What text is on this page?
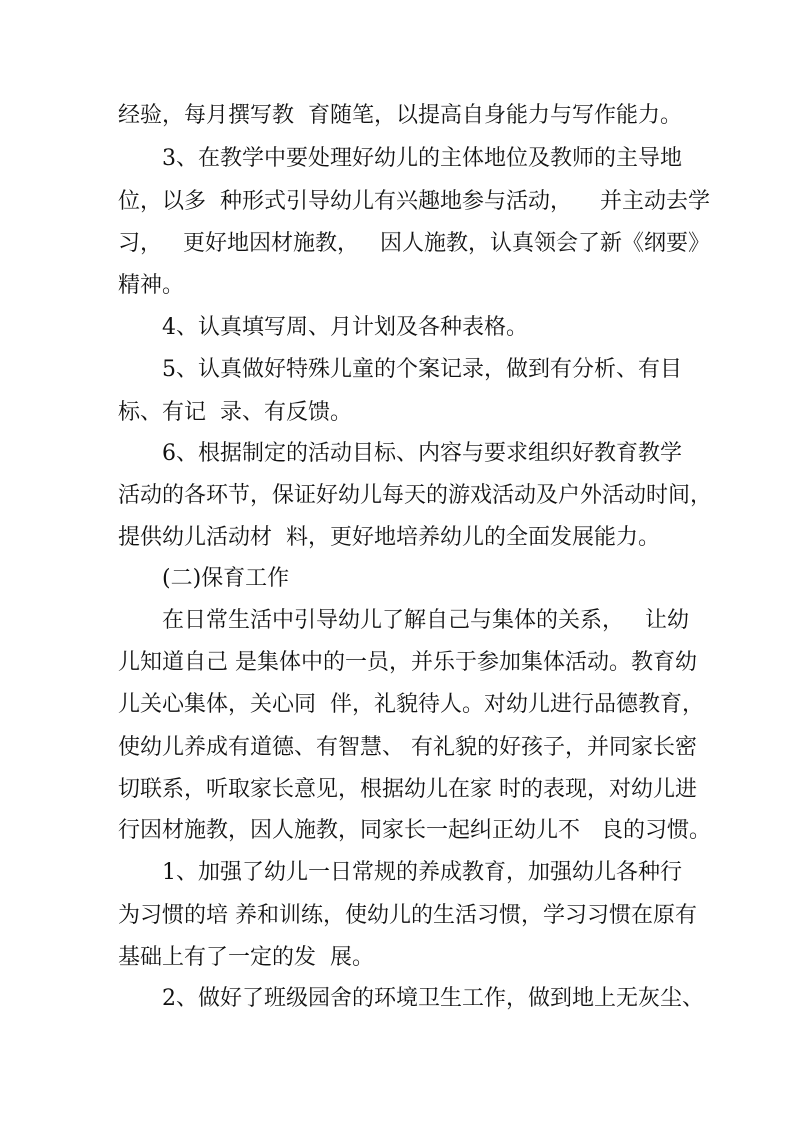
经验，每月撰写教  育随笔，以提高自身能力与写作能力。
3、在教学中要处理好幼儿的主体地位及教师的主导地
位，以多  种形式引导幼儿有兴趣地参与活动，    并主动去学
习，   更好地因材施教，   因人施教，认真领会了新《纲要》
精神。
4、认真填写周、月计划及各种表格。
5、认真做好特殊儿童的个案记录，做到有分析、有目
标、有记  录、有反馈。
6、根据制定的活动目标、内容与要求组织好教育教学
活动的各环节，保证好幼儿每天的游戏活动及户外活动时间，
提供幼儿活动材  料，更好地培养幼儿的全面发展能力。
(二)保育工作
在日常生活中引导幼儿了解自己与集体的关系，   让幼
儿知道自己 是集体中的一员，并乐于参加集体活动。教育幼
儿关心集体，关心同  伴，礼貌待人。对幼儿进行品德教育，
使幼儿养成有道德、有智慧、 有礼貌的好孩子，并同家长密
切联系，听取家长意见，根据幼儿在家 时的表现，对幼儿进
行因材施教，因人施教，同家长一起纠正幼儿不   良的习惯。
1、加强了幼儿一日常规的养成教育，加强幼儿各种行
为习惯的培 养和训练，使幼儿的生活习惯，学习习惯在原有
基础上有了一定的发  展。
2、做好了班级园舍的环境卫生工作，做到地上无灰尘、
